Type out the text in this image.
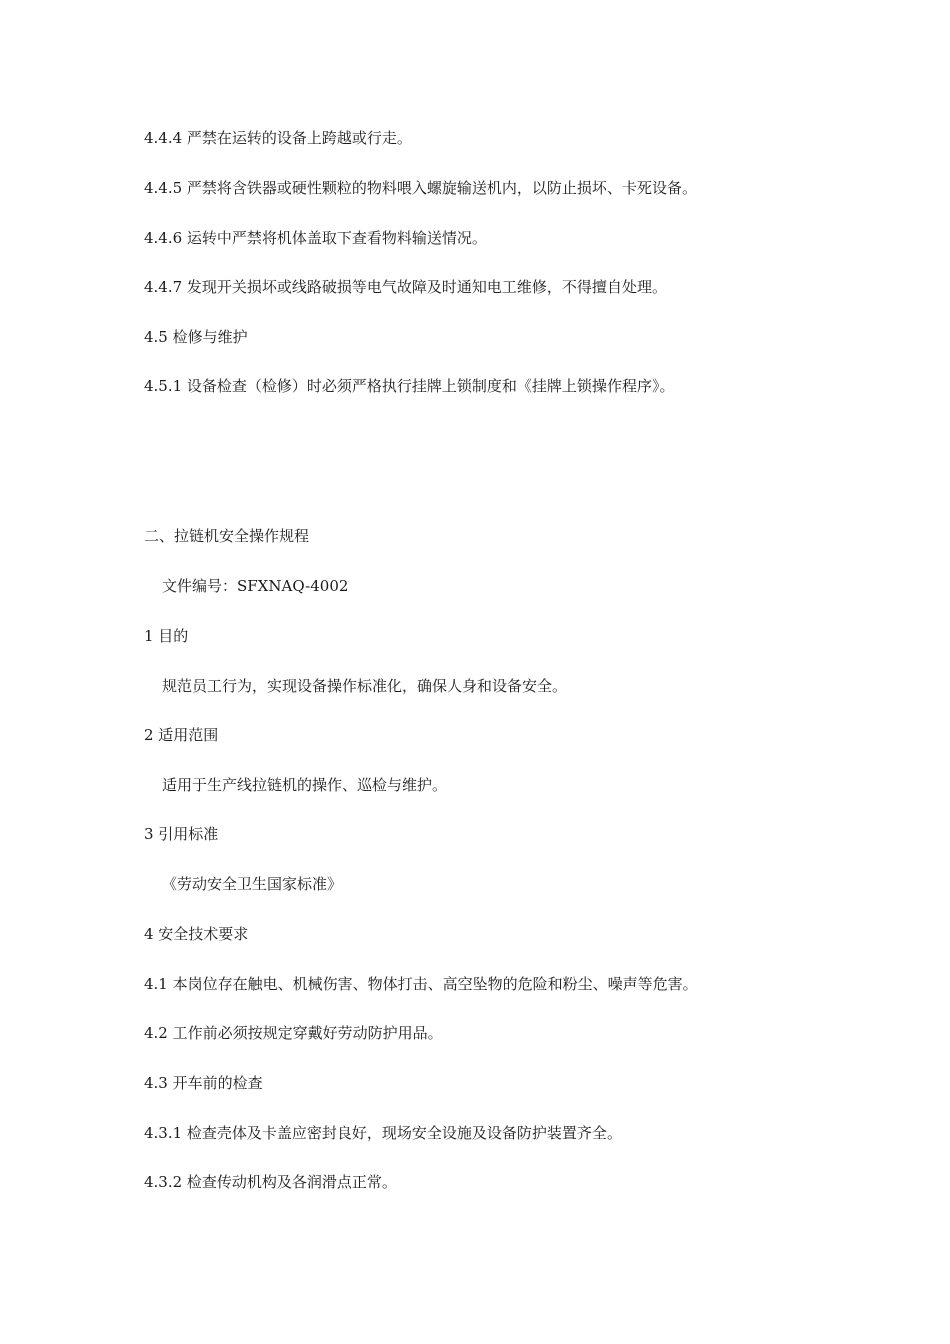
4.4.4 严禁在运转的设备上跨越或行走。
4.4.5 严禁将含铁器或硬性颗粒的物料喂入螺旋输送机内，以防止损坏、卡死设备。
4.4.6 运转中严禁将机体盖取下查看物料输送情况。
4.4.7 发现开关损坏或线路破损等电气故障及时通知电工维修，不得擅自处理。
4.5 检修与维护
4.5.1 设备检查（检修）时必须严格执行挂牌上锁制度和《挂牌上锁操作程序》。
二、拉链机安全操作规程
文件编号：SFXNAQ-4002
1 目的
规范员工行为，实现设备操作标准化，确保人身和设备安全。
2 适用范围
适用于生产线拉链机的操作、巡检与维护。
3 引用标准
《劳动安全卫生国家标准》
4 安全技术要求
4.1 本岗位存在触电、机械伤害、物体打击、高空坠物的危险和粉尘、噪声等危害。
4.2 工作前必须按规定穿戴好劳动防护用品。
4.3 开车前的检查
4.3.1 检查壳体及卡盖应密封良好，现场安全设施及设备防护装置齐全。
4.3.2 检查传动机构及各润滑点正常。
